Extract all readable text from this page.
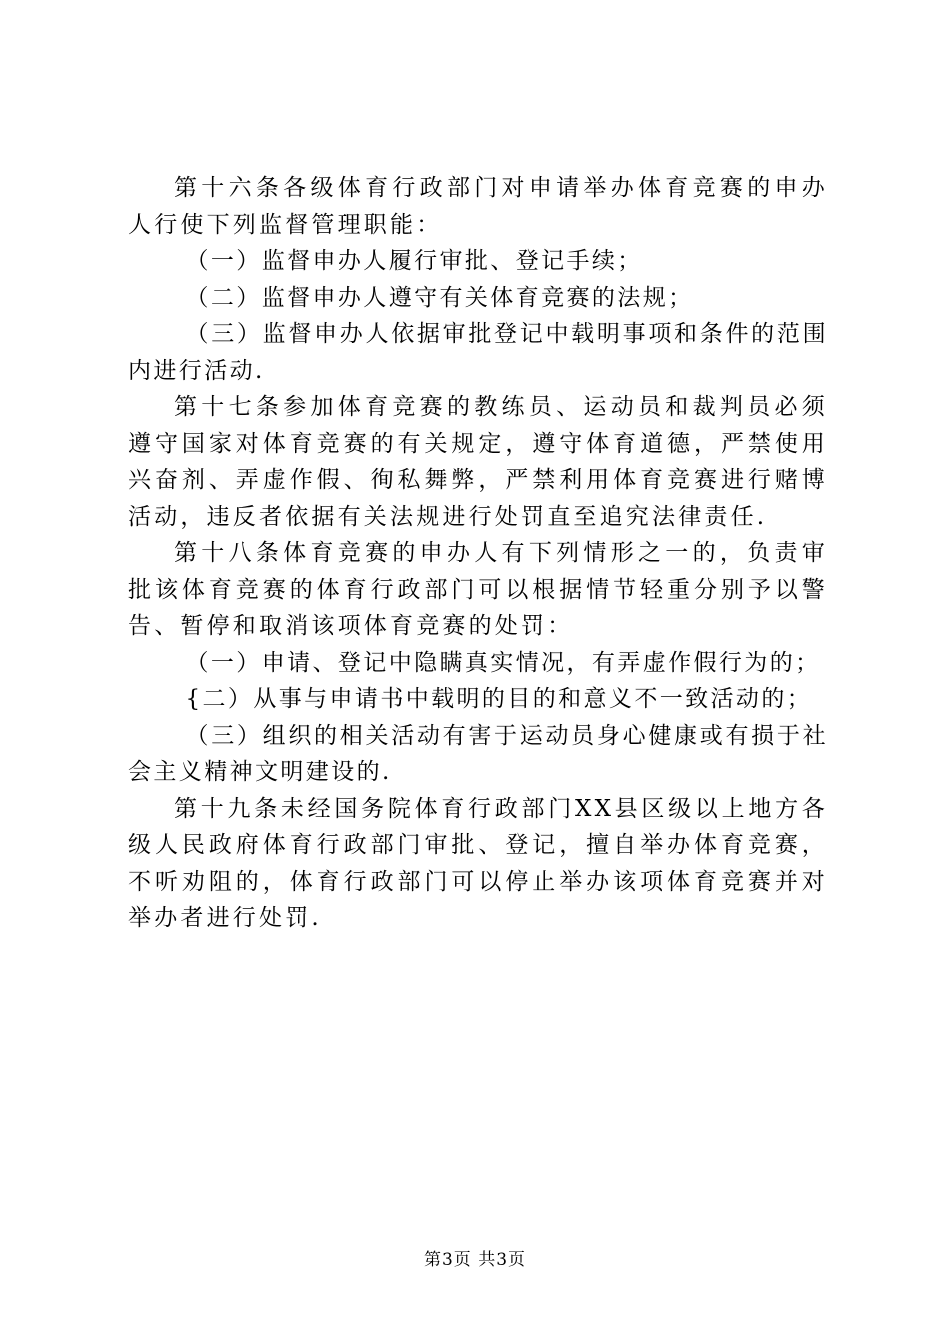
第十六条各级体育行政部门对申请举办体育竞赛的申办人行使下列监督管理职能：

（一）监督申办人履行审批、登记手续；

（二）监督申办人遵守有关体育竞赛的法规；

（三）监督申办人依据审批登记中载明事项和条件的范围内进行活动.

第十七条参加体育竞赛的教练员、运动员和裁判员必须遵守国家对体育竞赛的有关规定，遵守体育道德，严禁使用兴奋剂、弄虚作假、徇私舞弊，严禁利用体育竞赛进行赌博活动，违反者依据有关法规进行处罚直至追究法律责任.

第十八条体育竞赛的申办人有下列情形之一的，负责审批该体育竞赛的体育行政部门可以根据情节轻重分别予以警告、暂停和取消该项体育竞赛的处罚：

（一）申请、登记中隐瞒真实情况，有弄虚作假行为的；

{二）从事与申请书中载明的目的和意义不一致活动的；

（三）组织的相关活动有害于运动员身心健康或有损于社会主义精神文明建设的.

第十九条未经国务院体育行政部门XX县区级以上地方各级人民政府体育行政部门审批、登记，擅自举办体育竞赛，不听劝阻的，体育行政部门可以停止举办该项体育竞赛并对举办者进行处罚.

第3页 共3页
